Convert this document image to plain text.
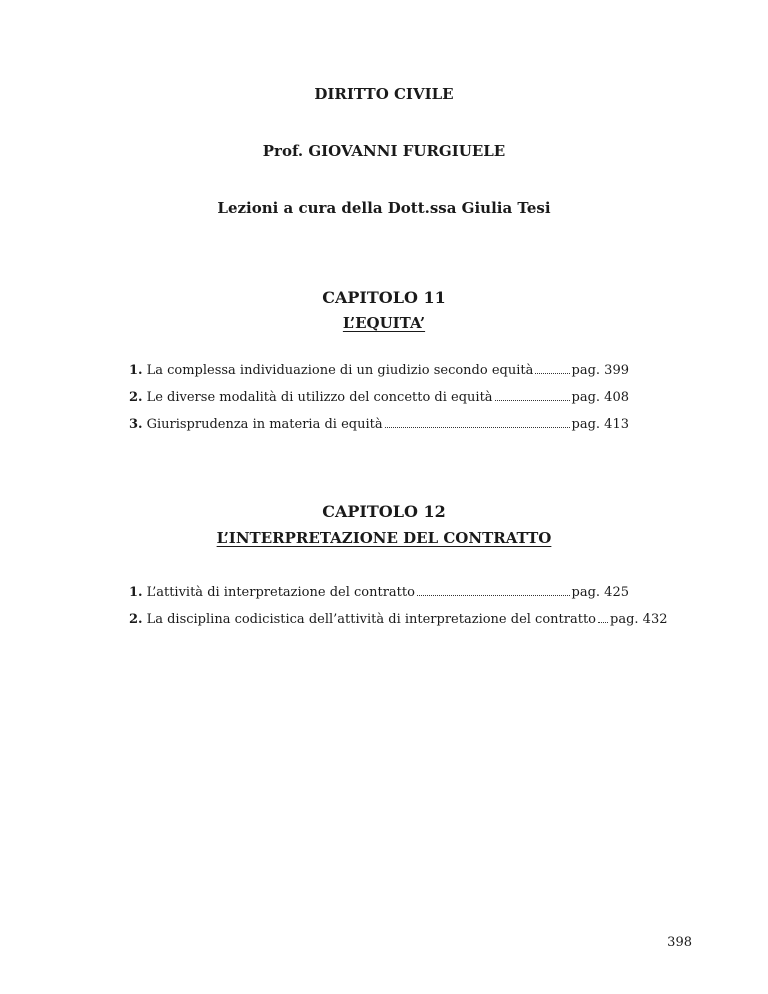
DIRITTO CIVILE
Prof. GIOVANNI FURGIUELE
Lezioni a cura della Dott.ssa Giulia Tesi
CAPITOLO 11
L’EQUITA’
1. La complessa individuazione di un giudizio secondo equità	pag. 399
2. Le diverse modalità di utilizzo del concetto di equità	pag. 408
3. Giurisprudenza in materia di equità	pag. 413
CAPITOLO 12
L’INTERPRETAZIONE DEL CONTRATTO
1. L’attività di interpretazione del contratto	pag. 425
2. La disciplina codicistica dell’attività di interpretazione del contratto pag. 432
398
